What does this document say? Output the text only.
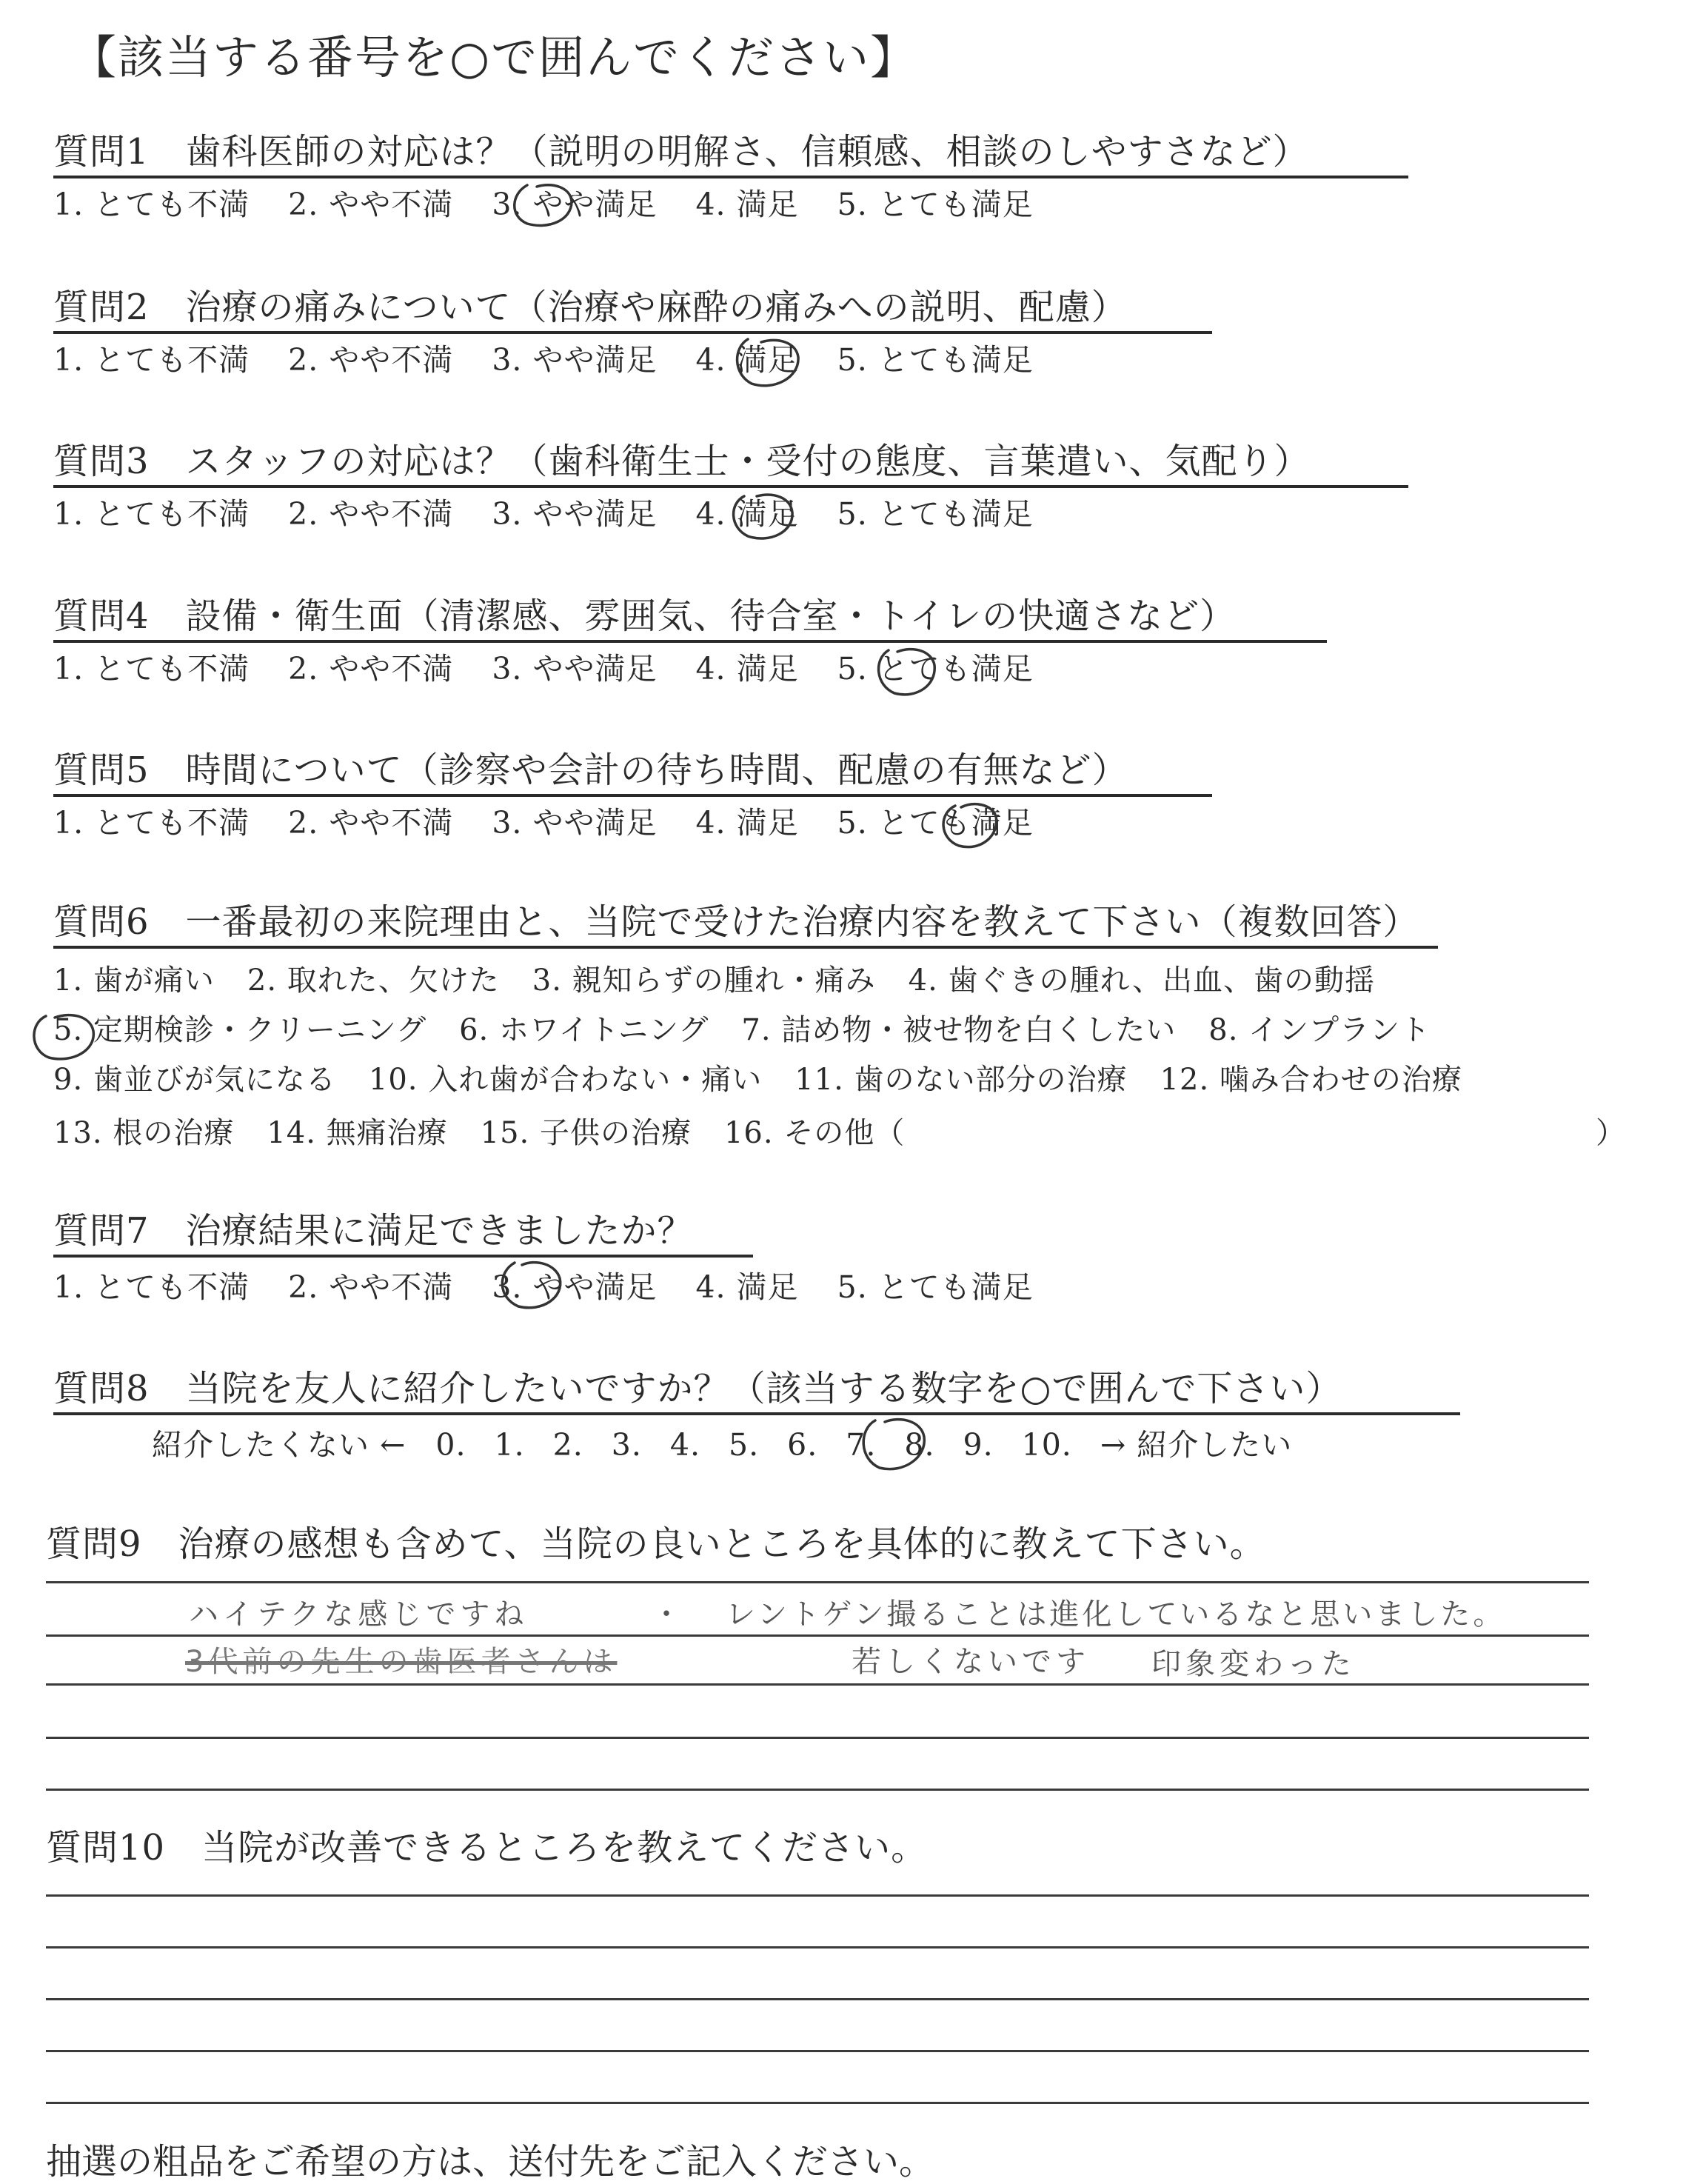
【該当する番号を○で囲んでください】
質問1　歯科医師の対応は？（説明の明解さ、信頼感、相談のしやすさなど）
1. とても不満 2. やや不満 3. やや満足 4. 満足 5. とても満足
質問2　治療の痛みについて（治療や麻酔の痛みへの説明、配慮）
1. とても不満 2. やや不満 3. やや満足 4. 満足 5. とても満足
質問3　スタッフの対応は？（歯科衛生士・受付の態度、言葉遣い、気配り）
1. とても不満 2. やや不満 3. やや満足 4. 満足 5. とても満足
質問4　設備・衛生面（清潔感、雰囲気、待合室・トイレの快適さなど）
1. とても不満 2. やや不満 3. やや満足 4. 満足 5. とても満足
質問5　時間について（診察や会計の待ち時間、配慮の有無など）
1. とても不満 2. やや不満 3. やや満足 4. 満足 5. とても満足
質問6　一番最初の来院理由と、当院で受けた治療内容を教えて下さい（複数回答）
1. 歯が痛い 2. 取れた、欠けた 3. 親知らずの腫れ・痛み 4. 歯ぐきの腫れ、出血、歯の動揺
5. 定期検診・クリーニング 6. ホワイトニング 7. 詰め物・被せ物を白くしたい 8. インプラント
9. 歯並びが気になる 10. 入れ歯が合わない・痛い 11. 歯のない部分の治療 12. 噛み合わせの治療
13. 根の治療 14. 無痛治療 15. 子供の治療 16. その他（	）
質問7　治療結果に満足できましたか？
1. とても不満 2. やや不満 3. やや満足 4. 満足 5. とても満足
質問8　当院を友人に紹介したいですか？（該当する数字を○で囲んで下さい）
紹介したくない ← 0. 1. 2. 3. 4. 5. 6. 7. 8. 9. 10. → 紹介したい
質問9　治療の感想も含めて、当院の良いところを具体的に教えて下さい。
ハイテクな感じですね	・ レントゲン撮ることは進化しているなと思いました。
3代前の先生の歯医者さんは	若しくないです 印象変わった
質問10　当院が改善できるところを教えてください。
抽選の粗品をご希望の方は、送付先をご記入ください。
